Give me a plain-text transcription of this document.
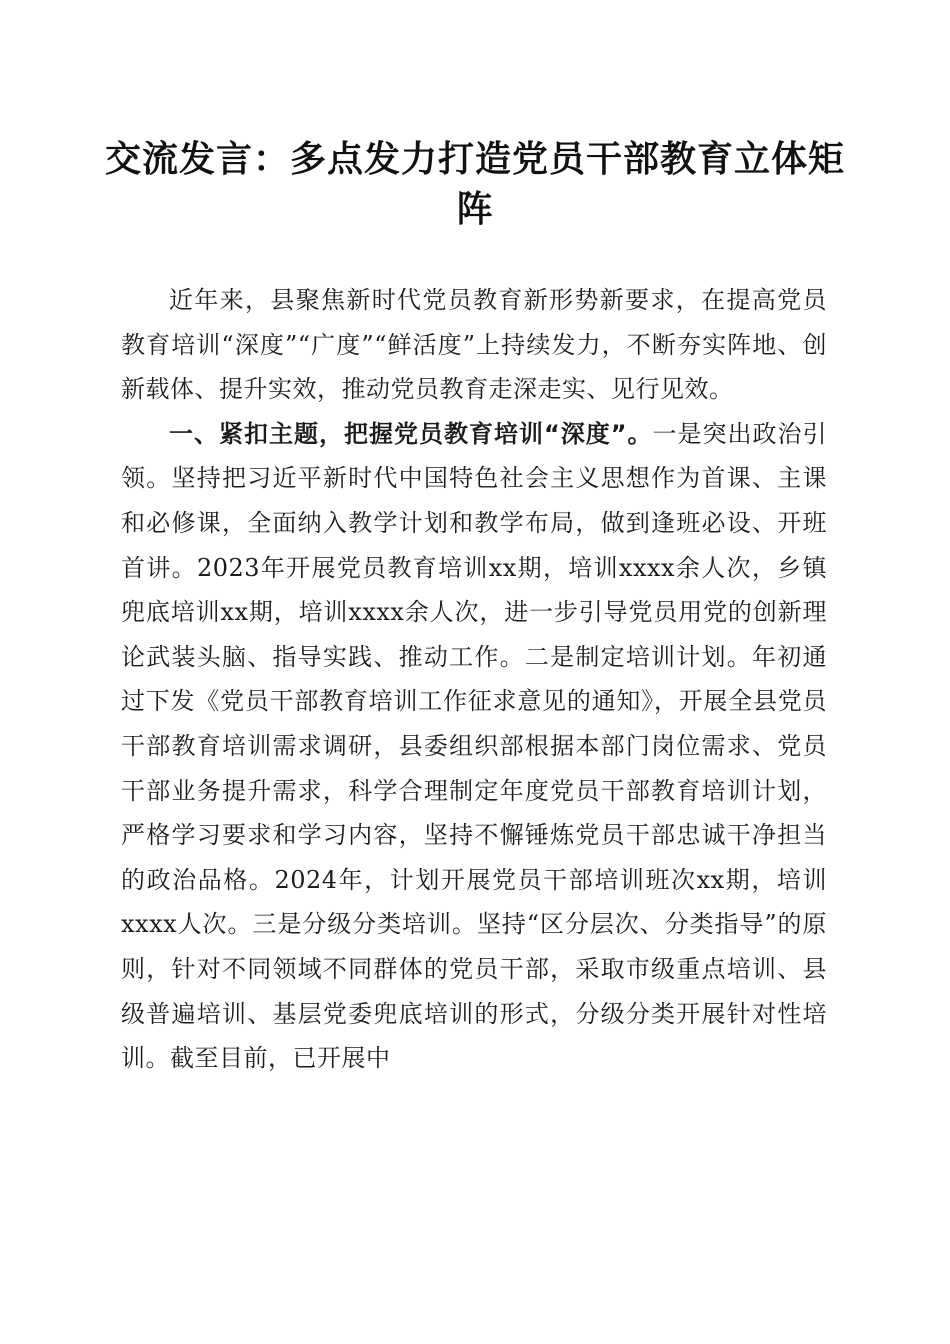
交流发言：多点发力打造党员干部教育立体矩阵

近年来，县聚焦新时代党员教育新形势新要求，在提高党员教育培训“深度”“广度”“鲜活度”上持续发力，不断夯实阵地、创新载体、提升实效，推动党员教育走深走实、见行见效。

一、紧扣主题，把握党员教育培训“深度”。一是突出政治引领。坚持把习近平新时代中国特色社会主义思想作为首课、主课和必修课，全面纳入教学计划和教学布局，做到逢班必设、开班首讲。2023年开展党员教育培训xx期，培训xxxx余人次，乡镇兜底培训xx期，培训xxxx余人次，进一步引导党员用党的创新理论武装头脑、指导实践、推动工作。二是制定培训计划。年初通过下发《党员干部教育培训工作征求意见的通知》，开展全县党员干部教育培训需求调研，县委组织部根据本部门岗位需求、党员干部业务提升需求，科学合理制定年度党员干部教育培训计划，严格学习要求和学习内容，坚持不懈锤炼党员干部忠诚干净担当的政治品格。2024年，计划开展党员干部培训班次xx期，培训xxxx人次。三是分级分类培训。坚持“区分层次、分类指导”的原则，针对不同领域不同群体的党员干部，采取市级重点培训、县级普遍培训、基层党委兜底培训的形式，分级分类开展针对性培训。截至目前，已开展中
